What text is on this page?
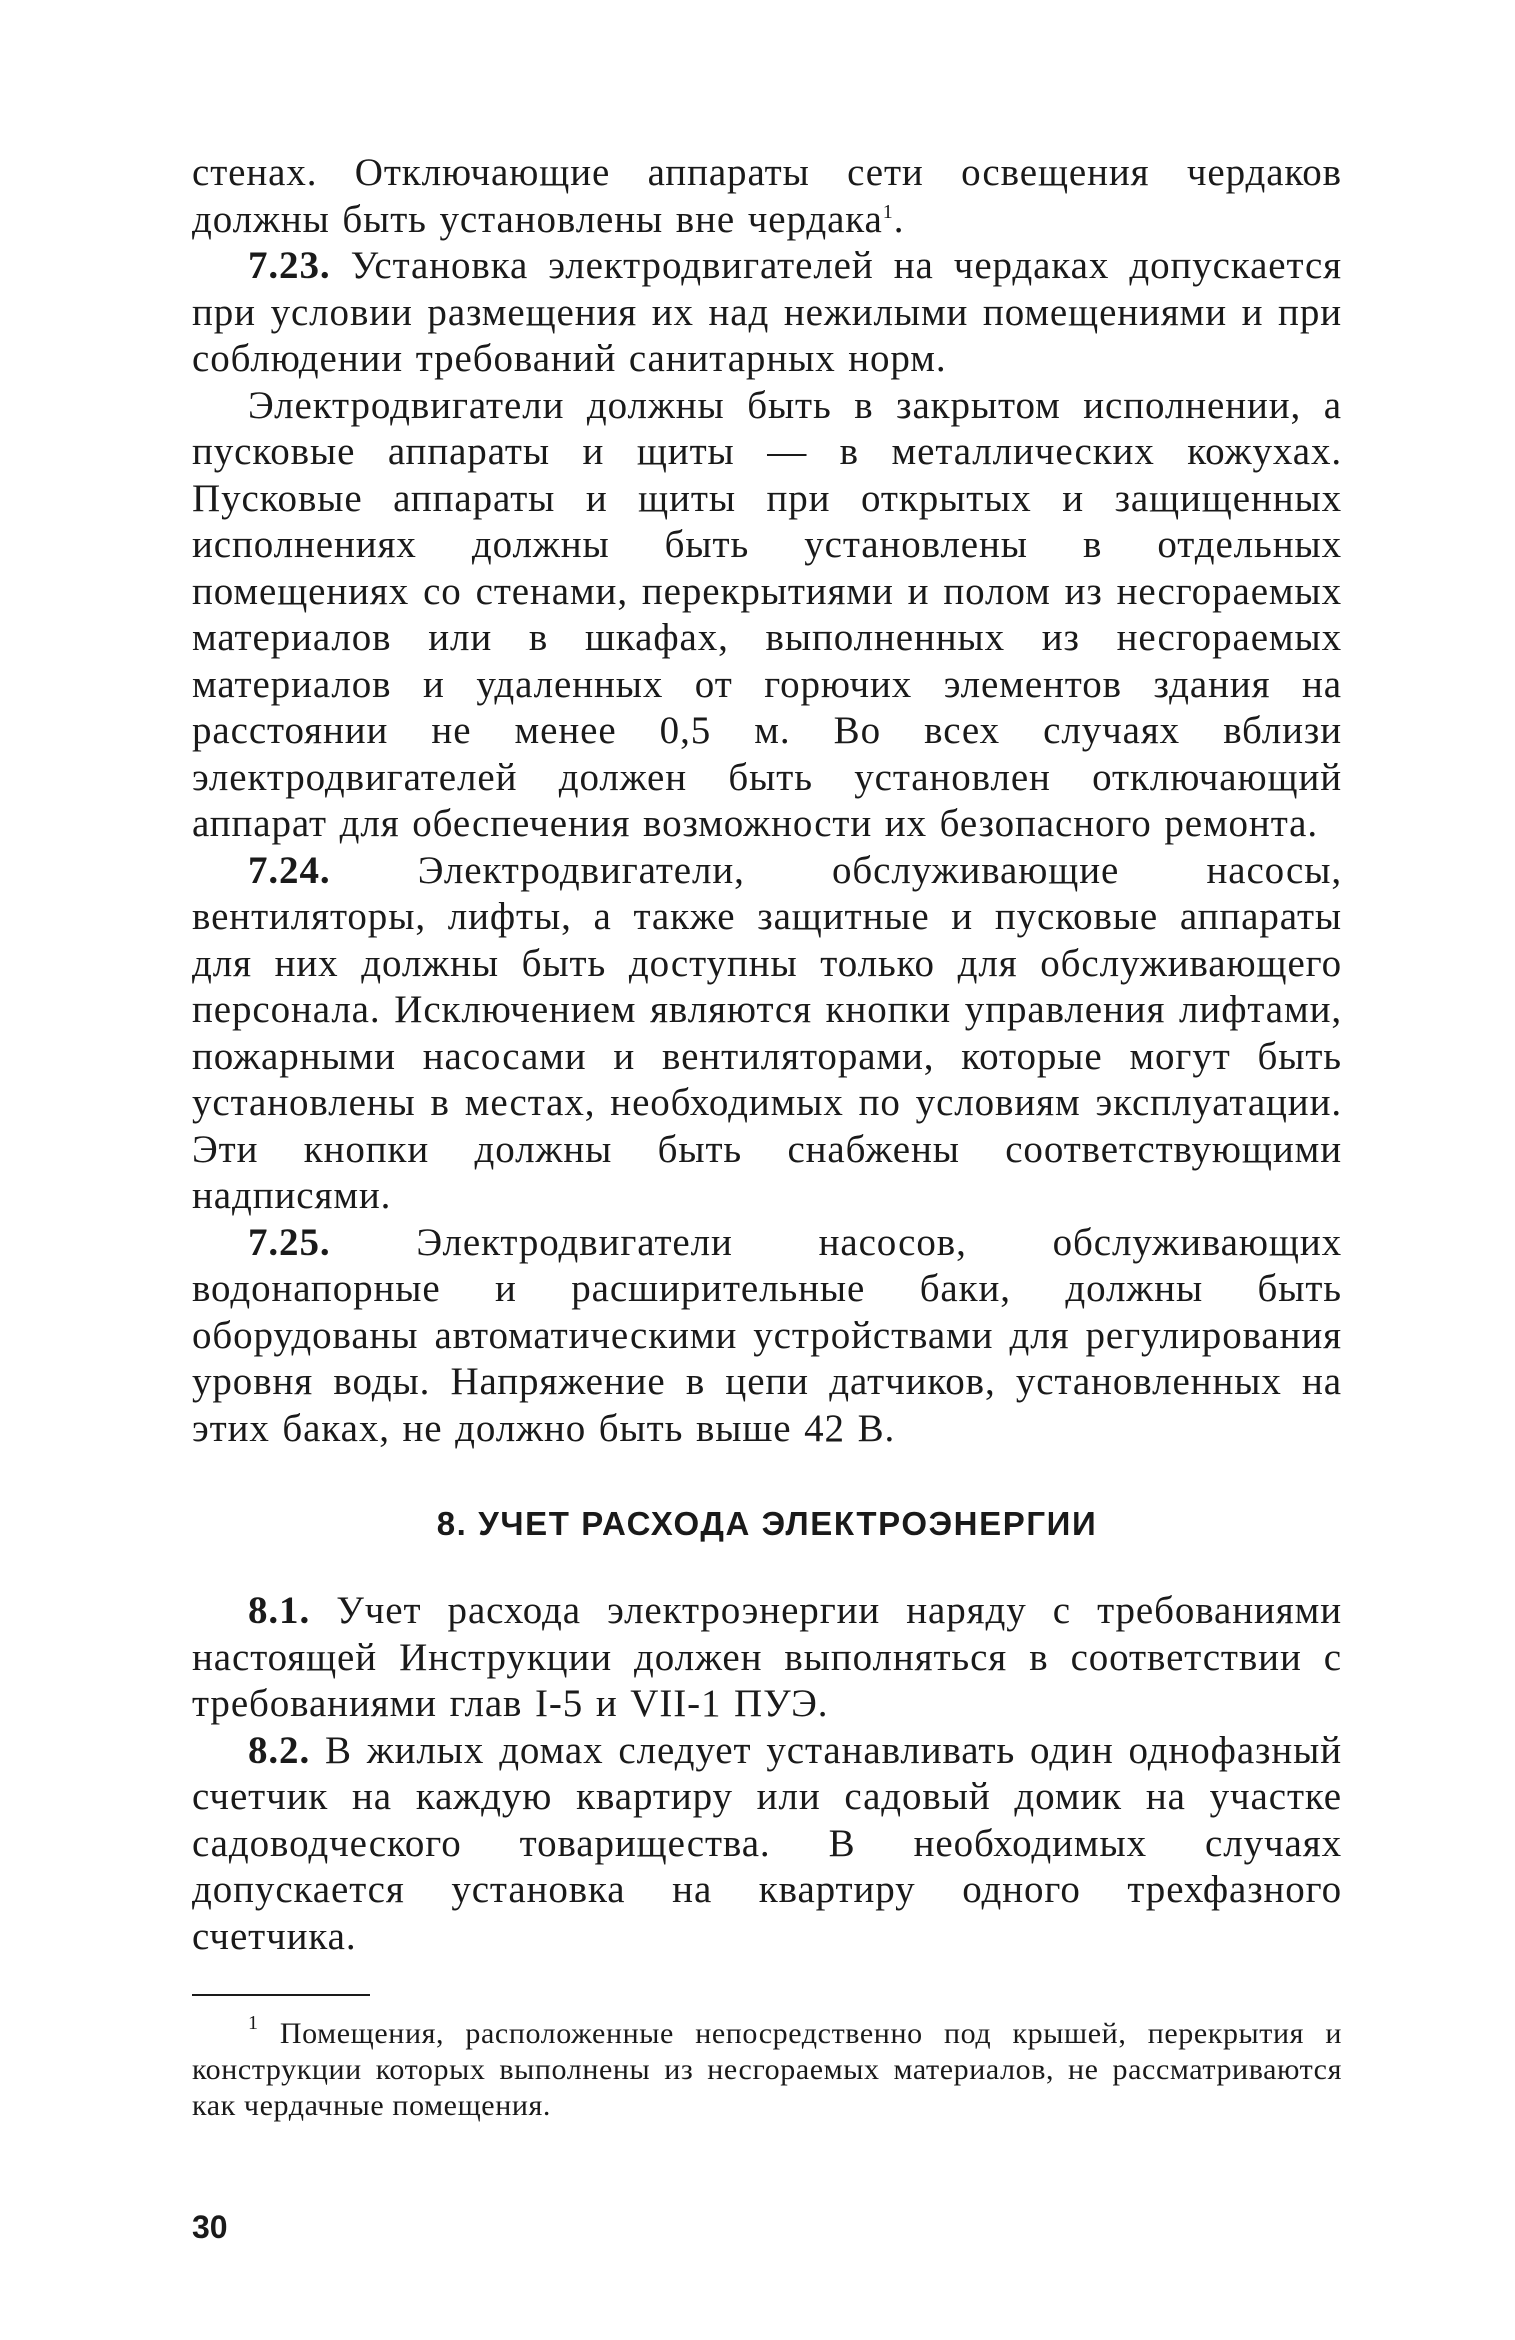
стенах. Отключающие аппараты сети освещения чердаков должны быть установлены вне чердака$^1$.

7.23. Установка электродвигателей на чердаках допускается при условии размещения их над нежилыми помещениями и при соблюдении требований санитарных норм.

Электродвигатели должны быть в закрытом исполнении, а пусковые аппараты и щиты — в металлических кожухах. Пусковые аппараты и щиты при открытых и защищенных исполнениях должны быть установлены в отдельных помещениях со стенами, перекрытиями и полом из несгораемых материалов или в шкафах, выполненных из несгораемых материалов и удаленных от горючих элементов здания на расстоянии не менее 0,5 м. Во всех случаях вблизи электродвигателей должен быть установлен отключающий аппарат для обеспечения возможности их безопасного ремонта.

7.24. Электродвигатели, обслуживающие насосы, вентиляторы, лифты, а также защитные и пусковые аппараты для них должны быть доступны только для обслуживающего персонала. Исключением являются кнопки управления лифтами, пожарными насосами и вентиляторами, которые могут быть установлены в местах, необходимых по условиям эксплуатации. Эти кнопки должны быть снабжены соответствующими надписями.

7.25. Электродвигатели насосов, обслуживающих водонапорные и расширительные баки, должны быть оборудованы автоматическими устройствами для регулирования уровня воды. Напряжение в цепи датчиков, установленных на этих баках, не должно быть выше 42 В.

8. УЧЕТ РАСХОДА ЭЛЕКТРОЭНЕРГИИ

8.1. Учет расхода электроэнергии наряду с требованиями настоящей Инструкции должен выполняться в соответствии с требованиями глав I-5 и VII-1 ПУЭ.

8.2. В жилых домах следует устанавливать один однофазный счетчик на каждую квартиру или садовый домик на участке садоводческого товарищества. В необходимых случаях допускается установка на квартиру одного трехфазного счетчика.

$^1$ Помещения, расположенные непосредственно под крышей, перекрытия и конструкции которых выполнены из несгораемых материалов, не рассматриваются как чердачные помещения.

30
